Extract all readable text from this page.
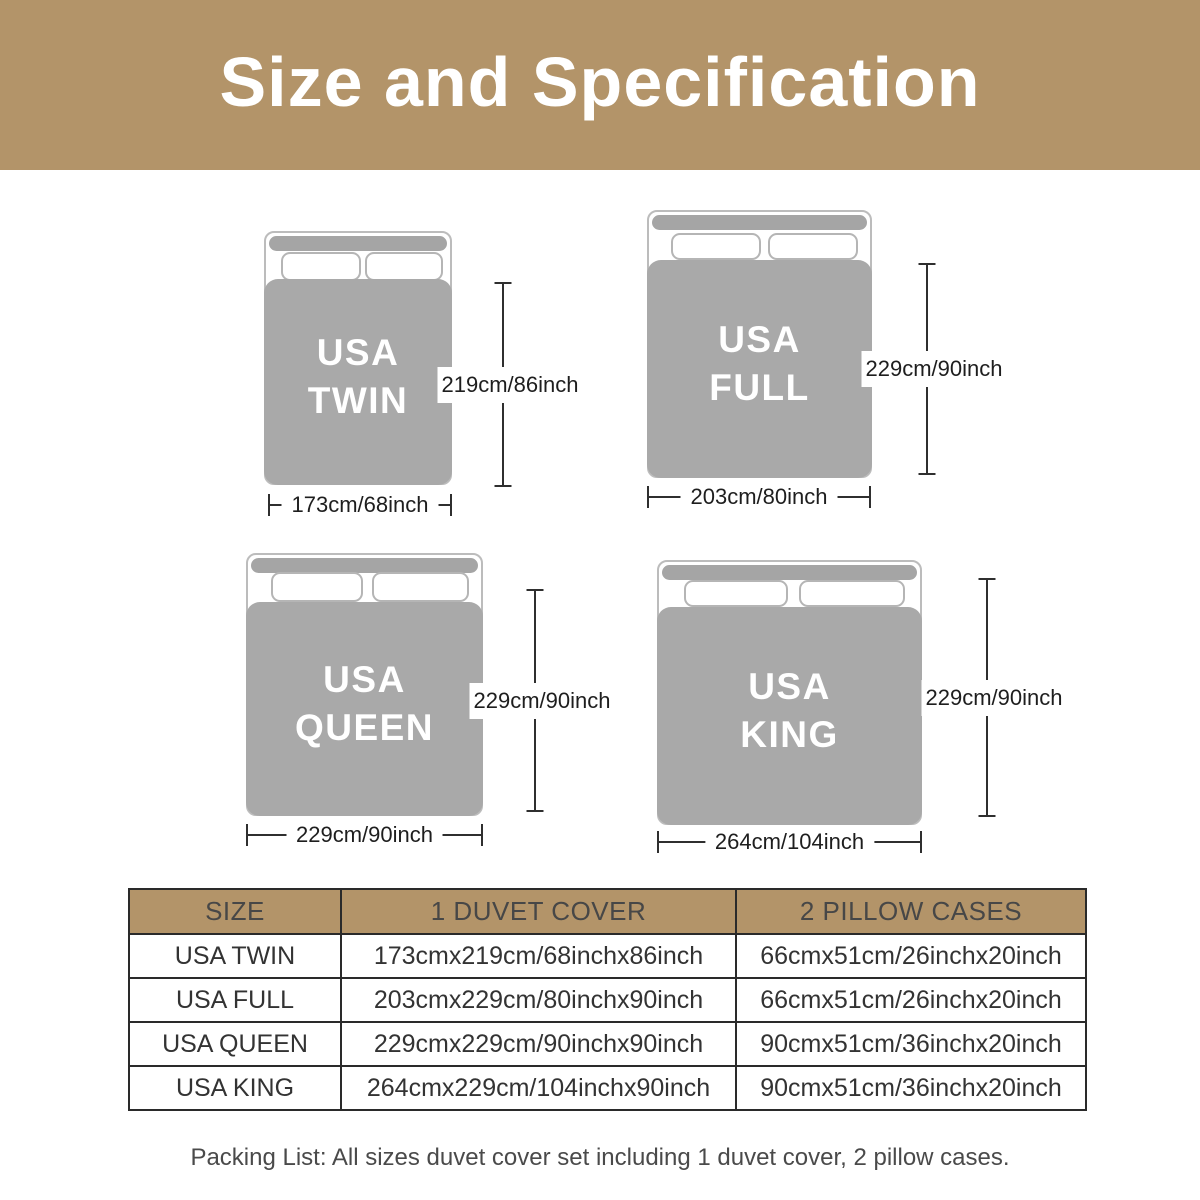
Size and Specification
USA
TWIN 219cm/86inch
173cm/68inch
USA
FULL	229cm/90inch
203cm/80inch
USA
QUEEN
229cm/90inch
229cm/90inch
USA
KING
229cm/90inch
264cm/104inch
SIZE	1 DUVET COVER	2 PILLOW CASES
USA TWIN	173cmx219cm/68inchx86inch	66cmx51cm/26inchx20inch
USA FULL	203cmx229cm/80inchx90inch	66cmx51cm/26inchx20inch
USA QUEEN	229cmx229cm/90inchx90inch	90cmx51cm/36inchx20inch
USA KING	264cmx229cm/104inchx90inch	90cmx51cm/36inchx20inch
Packing List: All sizes duvet cover set including 1 duvet cover, 2 pillow cases.
